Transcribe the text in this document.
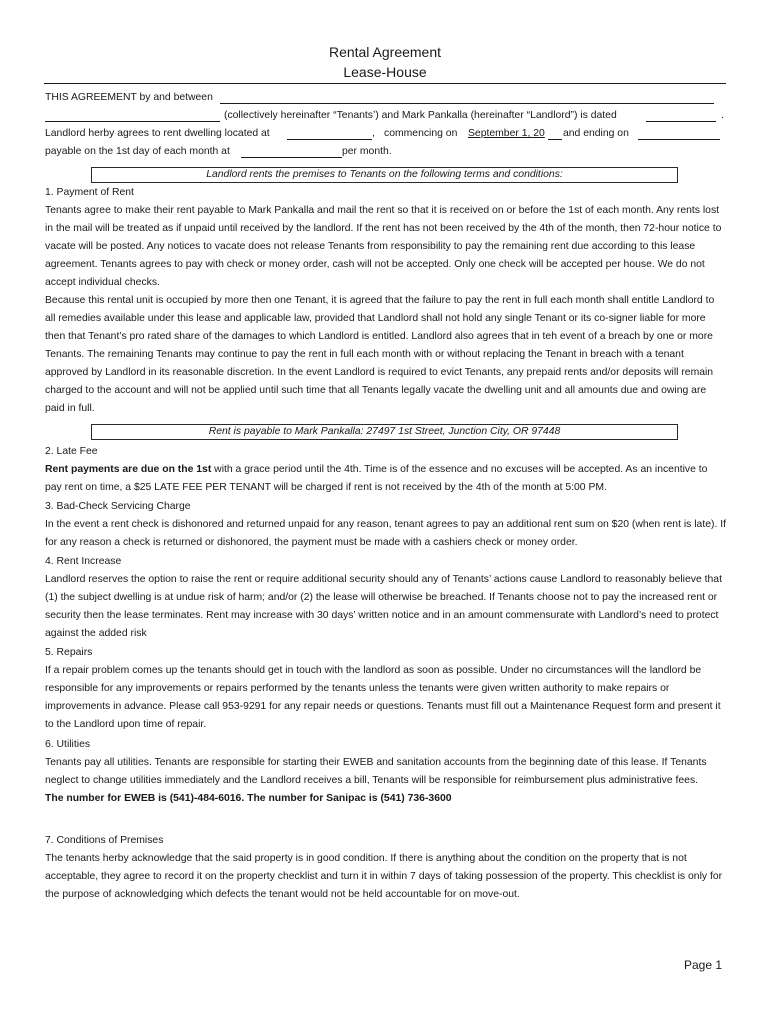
Rental Agreement
Lease-House
THIS AGREEMENT by and between
(collectively hereinafter “Tenants’) and Mark Pankalla (hereinafter “Landlord”) is dated	.
Landlord herby agrees to rent dwelling located at	, commencing on September 1, 20 and ending on
payable on the 1st day of each month at	per month.
Landlord rents the premises to Tenants on the following terms and conditions:

1. Payment of Rent

Tenants agree to make their rent payable to Mark Pankalla and mail the rent so that it is received on or before the 1st of each month. Any rents lost in the mail will be treated as if unpaid until received by the landlord. If the rent has not been received by the 4th of the month, then 72-hour notice to vacate will be posted. Any notices to vacate does not release Tenants from responsibility to pay the remaining rent due according to this lease agreement. Tenants agrees to pay with check or money order, cash will not be accepted. Only one check will be accepted per house. We do not accept individual checks.

Because this rental unit is occupied by more then one Tenant, it is agreed that the failure to pay the rent in full each month shall entitle Landlord to all remedies available under this lease and applicable law, provided that Landlord shall not hold any single Tenant or its co-signer liable for more then that Tenant’s pro rated share of the damages to which Landlord is entitled. Landlord also agrees that in teh event of a breach by one or more Tenants. The remaining Tenants may continue to pay the rent in full each month with or without replacing the Tenant in breach with a tenant approved by Landlord in its reasonable discretion. In the event Landlord is required to evict Tenants, any prepaid rents and/or deposits will remain charged to the account and will not be applied until such time that all Tenants legally vacate the dwelling unit and all amounts due and owing are paid in full.

Rent is payable to Mark Pankalla: 27497 1st Street, Junction City, OR 97448

2. Late Fee

Rent payments are due on the 1st with a grace period until the 4th. Time is of the essence and no excuses will be accepted. As an incentive to pay rent on time, a $25 LATE FEE PER TENANT will be charged if rent is not received by the 4th of the month at 5:00 PM.

3. Bad-Check Servicing Charge

In the event a rent check is dishonored and returned unpaid for any reason, tenant agrees to pay an additional rent sum on $20 (when rent is late). If for any reason a check is returned or dishonored, the payment must be made with a cashiers check or money order.

4. Rent Increase

Landlord reserves the option to raise the rent or require additional security should any of Tenants’ actions cause Landlord to reasonably believe that (1) the subject dwelling is at undue risk of harm; and/or (2) the lease will otherwise be breached. If Tenants choose not to pay the increased rent or security then the lease terminates. Rent may increase with 30 days’ written notice and in an amount commensurate with Landlord’s need to protect against the added risk

5. Repairs

If a repair problem comes up the tenants should get in touch with the landlord as soon as possible. Under no circumstances will the landlord be responsible for any improvements or repairs performed by the tenants unless the tenants were given written authority to make repairs or improvements in advance. Please call 953-9291 for any repair needs or questions. Tenants must fill out a Maintenance Request form and present it to the Landlord upon time of repair.

6. Utilities

Tenants pay all utilities. Tenants are responsible for starting their EWEB and sanitation accounts from the beginning date of this lease. If Tenants neglect to change utilities immediately and the Landlord receives a bill, Tenants will be responsible for reimbursement plus administrative fees.

The number for EWEB is (541)-484-6016. The number for Sanipac is (541) 736-3600

7. Conditions of Premises

The tenants herby acknowledge that the said property is in good condition. If there is anything about the condition on the property that is not acceptable, they agree to record it on the property checklist and turn it in within 7 days of taking possession of the property. This checklist is only for the purpose of acknowledging which defects the tenant would not be held accountable for on move-out.

Page 1
